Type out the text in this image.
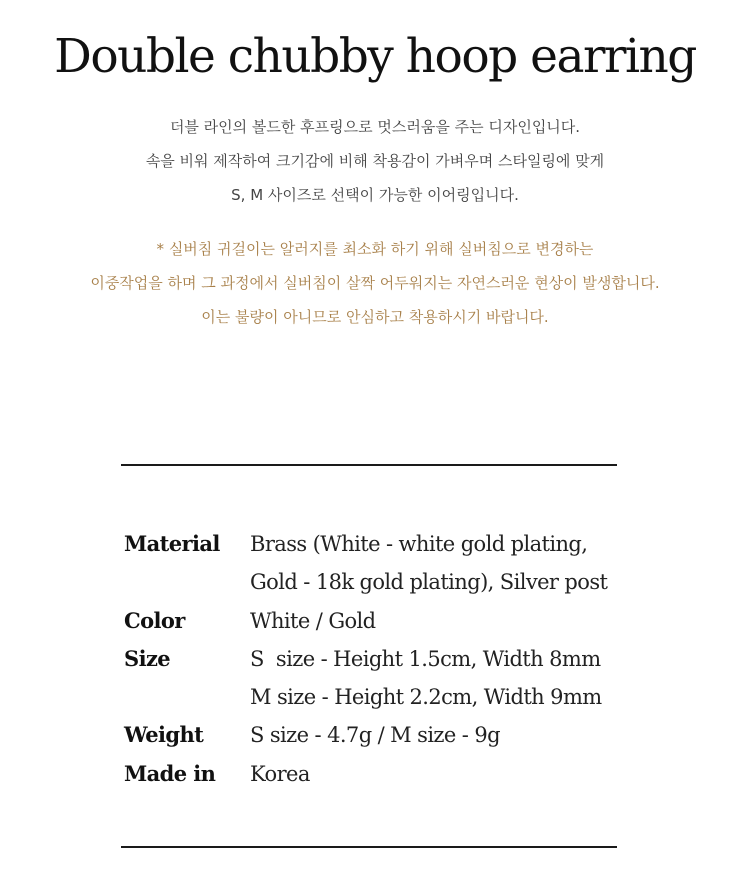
Double chubby hoop earring
더블 라인의 볼드한 후프링으로 멋스러움을 주는 디자인입니다.
속을 비워 제작하여 크기감에 비해 착용감이 가벼우며 스타일링에 맞게
S, M 사이즈로 선택이 가능한 이어링입니다.
* 실버침 귀걸이는 알러지를 최소화 하기 위해 실버침으로 변경하는
이중작업을 하며 그 과정에서 실버침이 살짝 어두워지는 자연스러운 현상이 발생합니다.
이는 불량이 아니므로 안심하고 착용하시기 바랍니다.
Material	Brass (White - white gold plating,
Gold - 18k gold plating), Silver post
Color	White / Gold
Size	S  size - Height 1.5cm, Width 8mm
M size - Height 2.2cm, Width 9mm
Weight	S size - 4.7g / M size - 9g
Made in	Korea
